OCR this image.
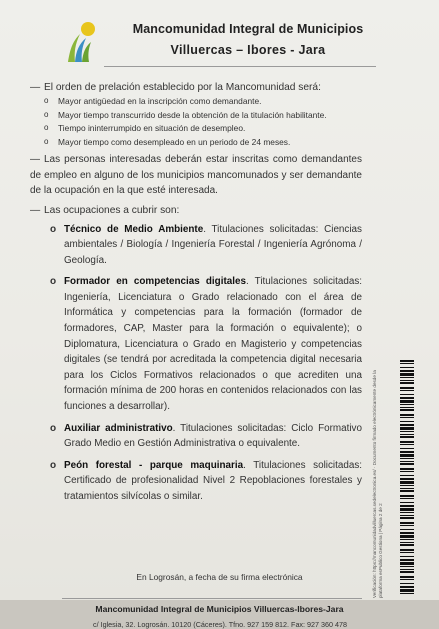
Mancomunidad Integral de Municipios
Villuercas – Ibores - Jara
— El orden de prelación establecido por la Mancomunidad será:
o Mayor antigüedad en la inscripción como demandante.
o Mayor tiempo transcurrido desde la obtención de la titulación habilitante.
o Tiempo ininterrumpido en situación de desempleo.
o Mayor tiempo como desempleado en un periodo de 24 meses.
— Las personas interesadas deberán estar inscritas como demandantes de empleo en alguno de los municipios mancomunados y ser demandante de la ocupación en la que esté interesada.
— Las ocupaciones a cubrir son:
o Técnico de Medio Ambiente. Titulaciones solicitadas: Ciencias ambientales / Biología / Ingeniería Forestal / Ingeniería Agrónoma / Geología.
o Formador en competencias digitales. Titulaciones solicitadas: Ingeniería, Licenciatura o Grado relacionado con el área de Informática y competencias para la formación (formador de formadores, CAP, Master para la formación o equivalente); o Diplomatura, Licenciatura o Grado en Magisterio y competencias digitales (se tendrá por acreditada la competencia digital necesaria para los Ciclos Formativos relacionados o que acrediten una formación mínima de 200 horas en contenidos relacionados con las funciones a desarrollar).
o Auxiliar administrativo. Titulaciones solicitadas: Ciclo Formativo Grado Medio en Gestión Administrativa o equivalente.
o Peón forestal - parque maquinaria. Titulaciones solicitadas: Certificado de profesionalidad Nivel 2 Repoblaciones forestales y tratamientos silvícolas o similar.
En Logrosán, a fecha de su firma electrónica
Mancomunidad Integral de Municipios Villuercas-Ibores-Jara
c/ Iglesia, 32. Logrosán. 10120 (Cáceres). Tfno. 927 159 812. Fax: 927 360 478
Verificación: https://mancomunidadvilluercas.sedelectronica.es/ · Documento firmado electrónicamente desde la plataforma esPublico Gestiona | Página 2 de 2
